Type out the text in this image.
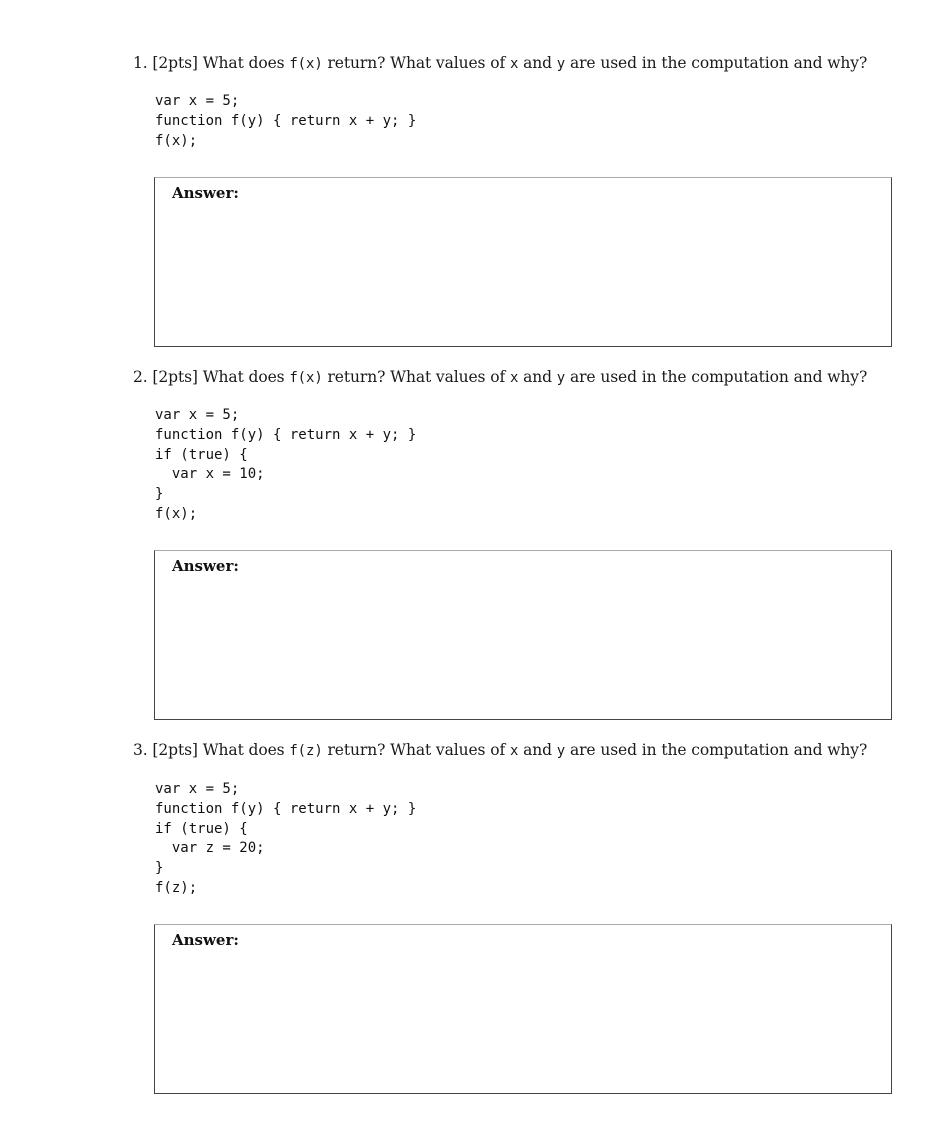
1. [2pts] What does f(x) return? What values of x and y are used in the computation and why?
var x = 5;
function f(y) { return x + y; }
f(x);
Answer:
2. [2pts] What does f(x) return? What values of x and y are used in the computation and why?
var x = 5;
function f(y) { return x + y; }
if (true) {
var x = 10;
}
f(x);
Answer:
3. [2pts] What does f(z) return? What values of x and y are used in the computation and why?
var x = 5;
function f(y) { return x + y; }
if (true) {
var z = 20;
}
f(z);
Answer:
